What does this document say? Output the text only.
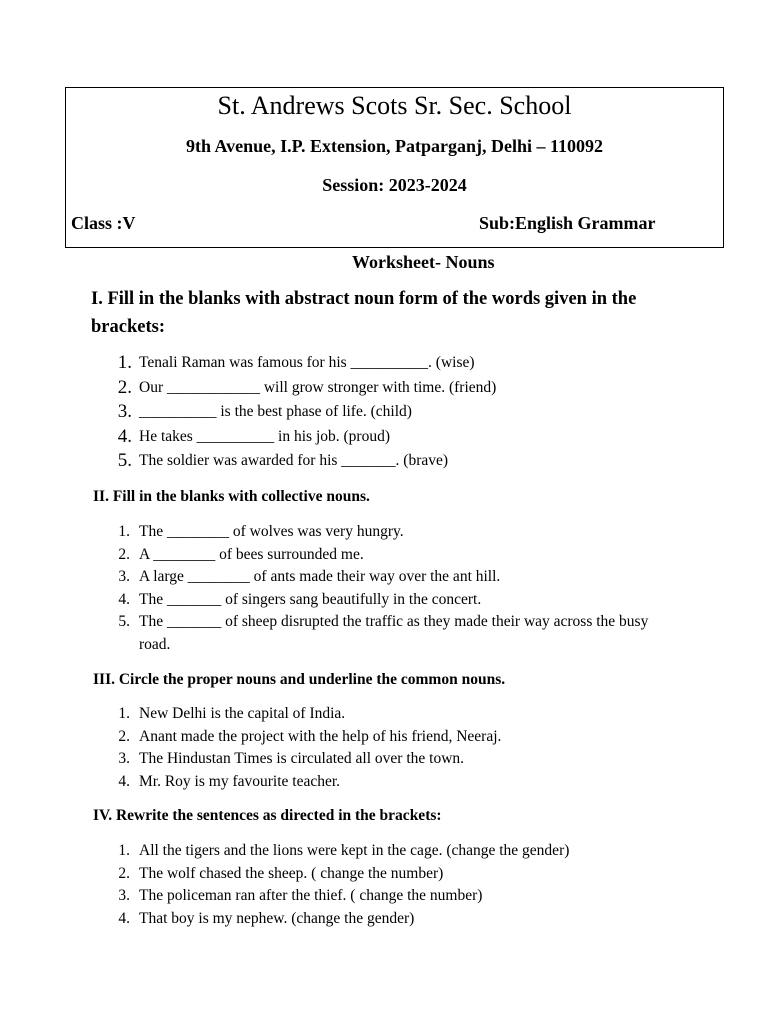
St. Andrews Scots Sr. Sec. School
9th Avenue, I.P. Extension, Patparganj, Delhi – 110092
Session: 2023-2024
Class :V	Sub:English Grammar
Worksheet- Nouns
I. Fill in the blanks with abstract noun form of the words given in the brackets:
1. Tenali Raman was famous for his __________. (wise)
2. Our ____________ will grow stronger with time. (friend)
3. __________ is the best phase of life. (child)
4. He takes __________ in his job. (proud)
5. The soldier was awarded for his _______. (brave)
II. Fill in the blanks with collective nouns.
1. The ________ of wolves was very hungry.
2. A ________ of bees surrounded me.
3. A large ________ of ants made their way over the ant hill.
4. The _______ of singers sang beautifully in the concert.
5. The _______ of sheep disrupted the traffic as they made their way across the busy road.
III. Circle the proper nouns and underline the common nouns.
1. New Delhi is the capital of India.
2. Anant made the project with the help of his friend, Neeraj.
3. The Hindustan Times is circulated all over the town.
4. Mr. Roy is my favourite teacher.
IV. Rewrite the sentences as directed in the brackets:
1. All the tigers and the lions were kept in the cage. (change the gender)
2. The wolf chased the sheep. ( change the number)
3. The policeman ran after the thief. ( change the number)
4. That boy is my nephew. (change the gender)
